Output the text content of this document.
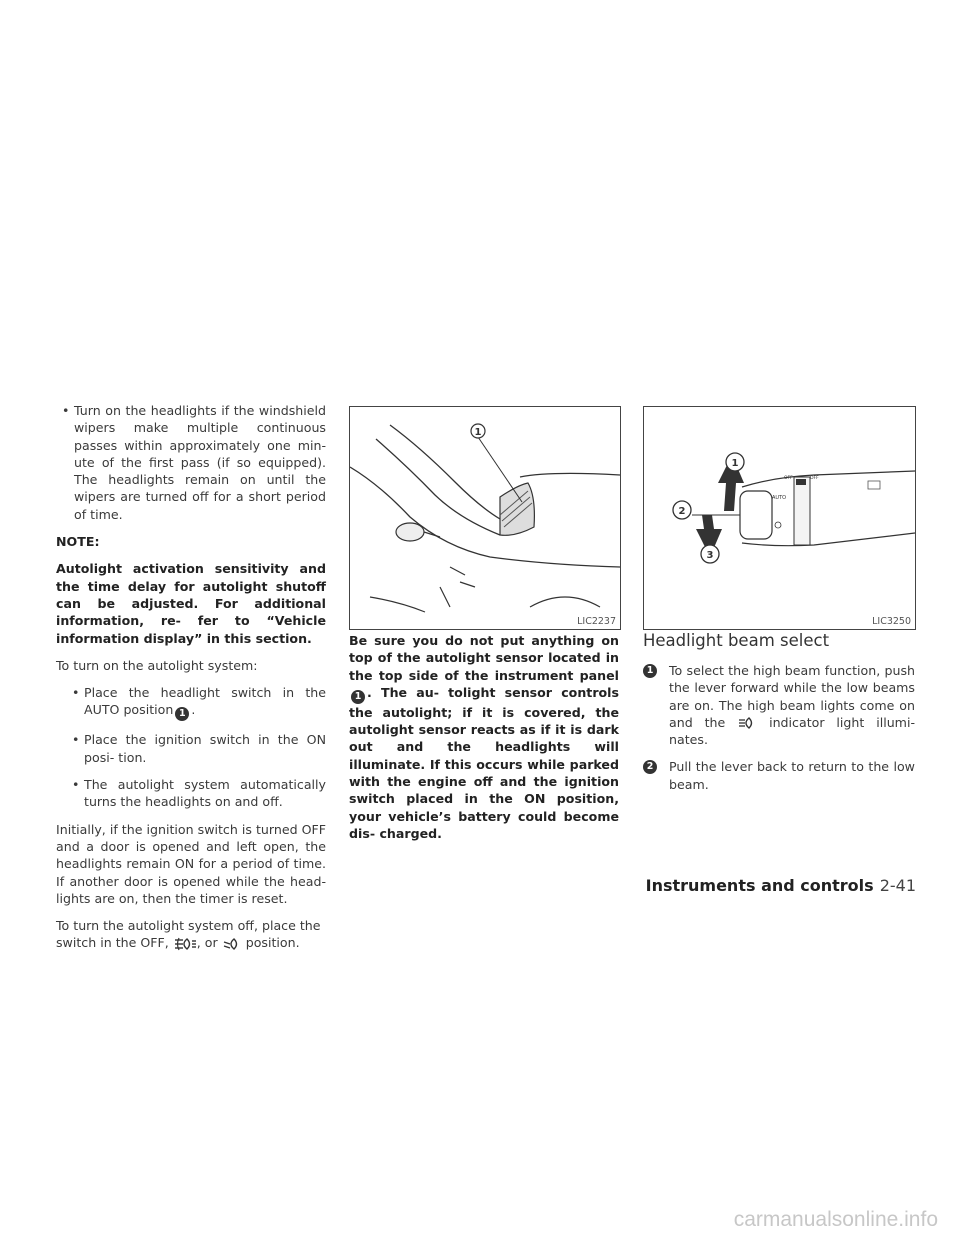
• Turn on the headlights if the windshield wipers make multiple continuous passes within approximately one min‐ ute of the first pass (if so equipped). The headlights remain on until the wipers are turned off for a short period of time.

NOTE:

Autolight activation sensitivity and the time delay for autolight shutoff can be adjusted. For additional information, re‐ fer to “Vehicle information display” in this section.

To turn on the autolight system:

• Place the headlight switch in the AUTO position 1 .
• Place the ignition switch in the ON posi‐ tion.
• The autolight system automatically turns the headlights on and off.

Initially, if the ignition switch is turned OFF and a door is opened and left open, the headlights remain ON for a period of time. If another door is opened while the head‐ lights are on, then the timer is reset.

To turn the autolight system off, place the switch in the OFF, , or position.

1
LIC2237

Be sure you do not put anything on top of the autolight sensor located in the top side of the instrument panel1 . The au‐ tolight sensor controls the autolight; if it is covered, the autolight sensor reacts as if it is dark out and the headlights will illuminate. If this occurs while parked with the engine off and the ignition switch placed in the ON position, your vehicle’s battery could become dis‐ charged.

AUTO
OFF	OFF
1
2
3
LIC3250
Headlight beam select
1 To select the high beam function, push the lever forward while the low beams are on. The high beam lights come on and the	indicator light illumi‐ nates.
2 Pull the lever back to return to the low beam.
Instruments and controls 2-41
carmanualsonline.info
